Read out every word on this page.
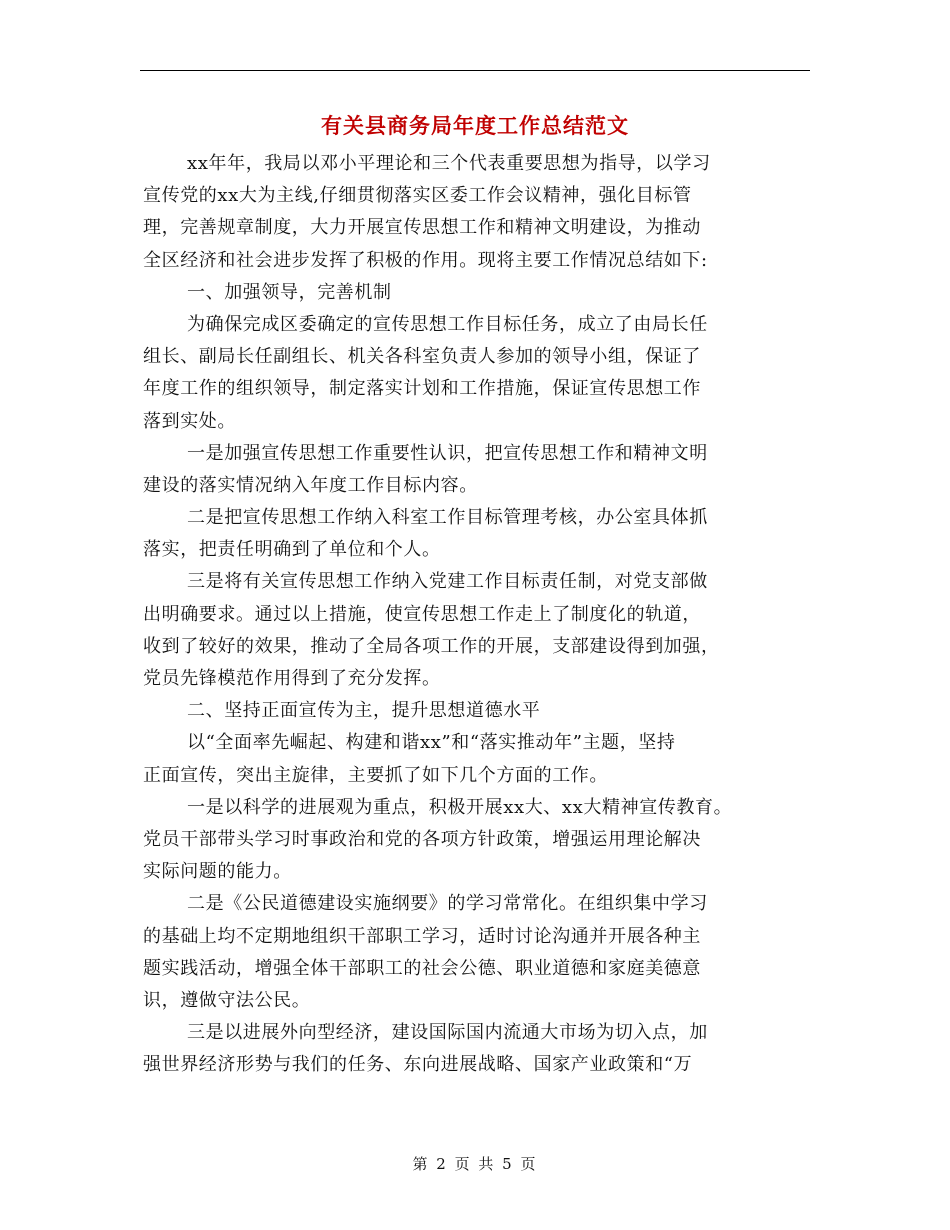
有关县商务局年度工作总结范文
xx年年，我局以邓小平理论和三个代表重要思想为指导，以学习
宣传党的xx大为主线,仔细贯彻落实区委工作会议精神，强化目标管
理，完善规章制度，大力开展宣传思想工作和精神文明建设，为推动
全区经济和社会进步发挥了积极的作用。现将主要工作情况总结如下:
一、加强领导，完善机制
为确保完成区委确定的宣传思想工作目标任务，成立了由局长任
组长、副局长任副组长、机关各科室负责人参加的领导小组，保证了
年度工作的组织领导，制定落实计划和工作措施，保证宣传思想工作
落到实处。
一是加强宣传思想工作重要性认识，把宣传思想工作和精神文明
建设的落实情况纳入年度工作目标内容。
二是把宣传思想工作纳入科室工作目标管理考核，办公室具体抓
落实，把责任明确到了单位和个人。
三是将有关宣传思想工作纳入党建工作目标责任制，对党支部做
出明确要求。通过以上措施，使宣传思想工作走上了制度化的轨道，
收到了较好的效果，推动了全局各项工作的开展，支部建设得到加强，
党员先锋模范作用得到了充分发挥。
二、坚持正面宣传为主，提升思想道德水平
以“全面率先崛起、构建和谐xx”和“落实推动年”主题，坚持
正面宣传，突出主旋律，主要抓了如下几个方面的工作。
一是以科学的进展观为重点，积极开展xx大、xx大精神宣传教育。
党员干部带头学习时事政治和党的各项方针政策，增强运用理论解决
实际问题的能力。
二是《公民道德建设实施纲要》的学习常常化。在组织集中学习
的基础上均不定期地组织干部职工学习，适时讨论沟通并开展各种主
题实践活动，增强全体干部职工的社会公德、职业道德和家庭美德意
识，遵做守法公民。
三是以进展外向型经济，建设国际国内流通大市场为切入点，加
强世界经济形势与我们的任务、东向进展战略、国家产业政策和“万
第 2 页 共 5 页
